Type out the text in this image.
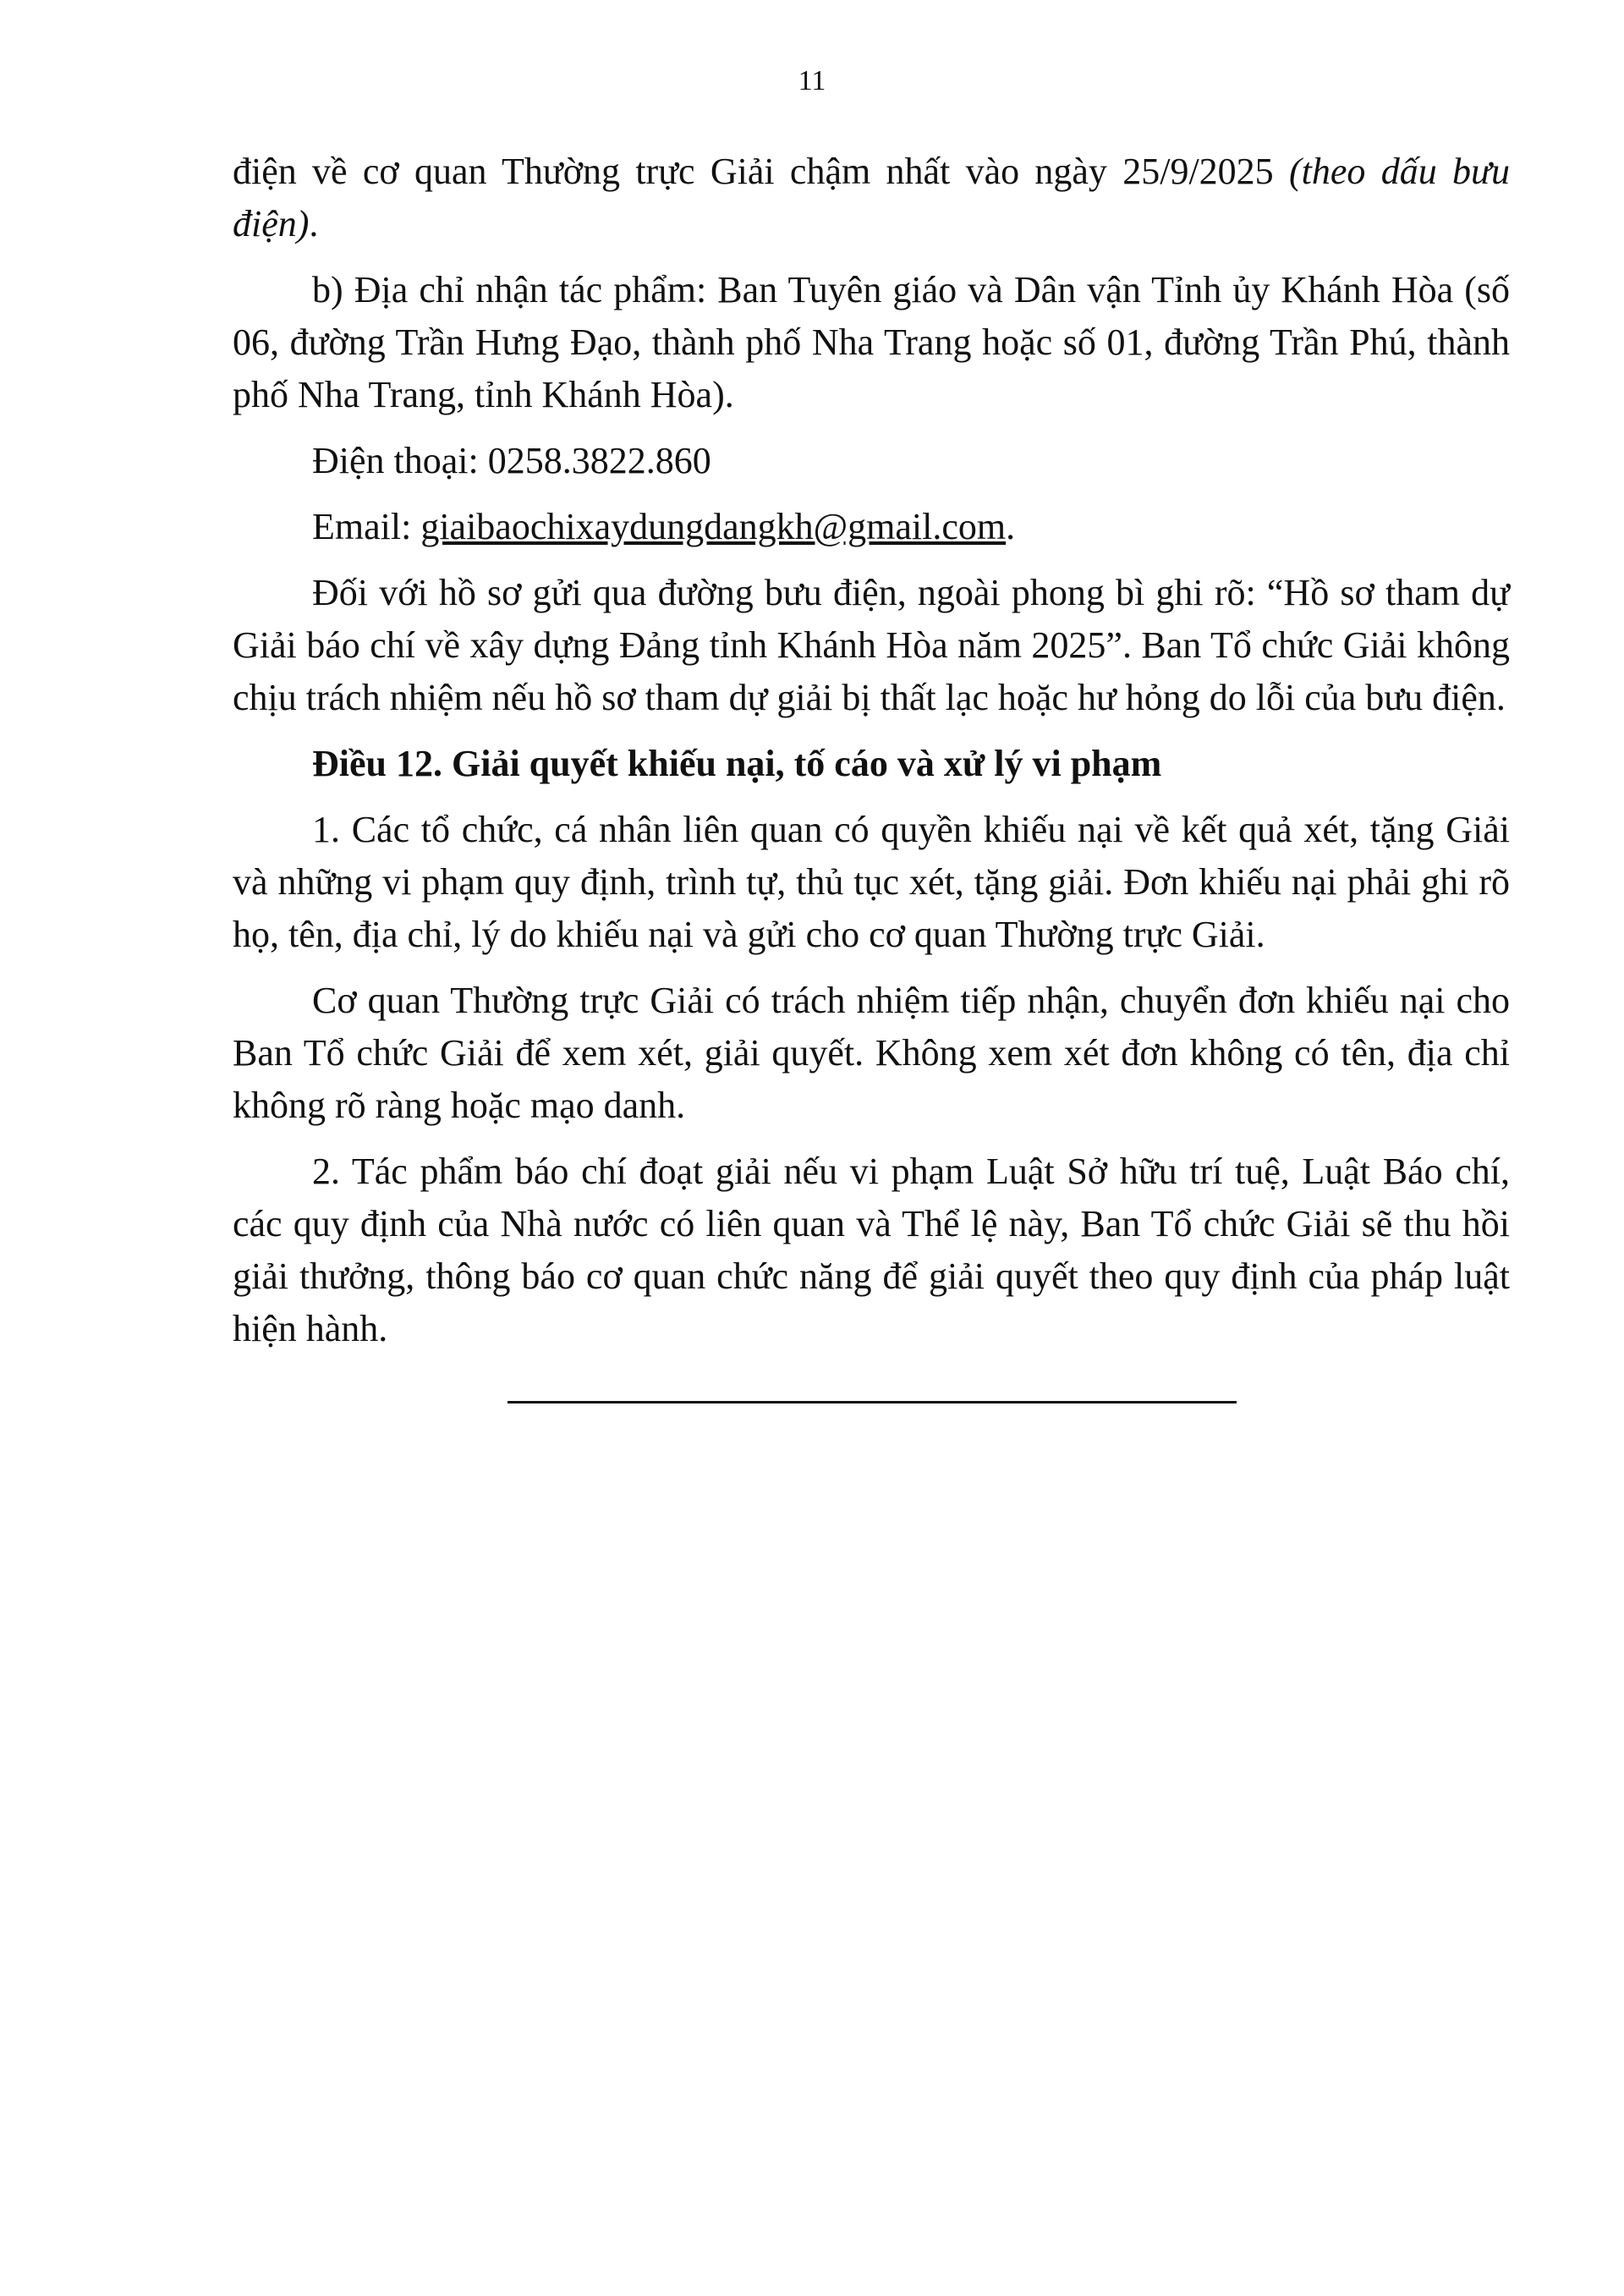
11

điện về cơ quan Thường trực Giải chậm nhất vào ngày 25/9/2025 (theo dấu bưu điện).

b) Địa chỉ nhận tác phẩm: Ban Tuyên giáo và Dân vận Tỉnh ủy Khánh Hòa (số 06, đường Trần Hưng Đạo, thành phố Nha Trang hoặc số 01, đường Trần Phú, thành phố Nha Trang, tỉnh Khánh Hòa).

Điện thoại: 0258.3822.860

Email: giaibaochixaydungdangkh@gmail.com.

Đối với hồ sơ gửi qua đường bưu điện, ngoài phong bì ghi rõ: “Hồ sơ tham dự Giải báo chí về xây dựng Đảng tỉnh Khánh Hòa năm 2025”. Ban Tổ chức Giải không chịu trách nhiệm nếu hồ sơ tham dự giải bị thất lạc hoặc hư hỏng do lỗi của bưu điện.

Điều 12. Giải quyết khiếu nại, tố cáo và xử lý vi phạm

1. Các tổ chức, cá nhân liên quan có quyền khiếu nại về kết quả xét, tặng Giải và những vi phạm quy định, trình tự, thủ tục xét, tặng giải. Đơn khiếu nại phải ghi rõ họ, tên, địa chỉ, lý do khiếu nại và gửi cho cơ quan Thường trực Giải.

Cơ quan Thường trực Giải có trách nhiệm tiếp nhận, chuyển đơn khiếu nại cho Ban Tổ chức Giải để xem xét, giải quyết. Không xem xét đơn không có tên, địa chỉ không rõ ràng hoặc mạo danh.

2. Tác phẩm báo chí đoạt giải nếu vi phạm Luật Sở hữu trí tuệ, Luật Báo chí, các quy định của Nhà nước có liên quan và Thể lệ này, Ban Tổ chức Giải sẽ thu hồi giải thưởng, thông báo cơ quan chức năng để giải quyết theo quy định của pháp luật hiện hành.
